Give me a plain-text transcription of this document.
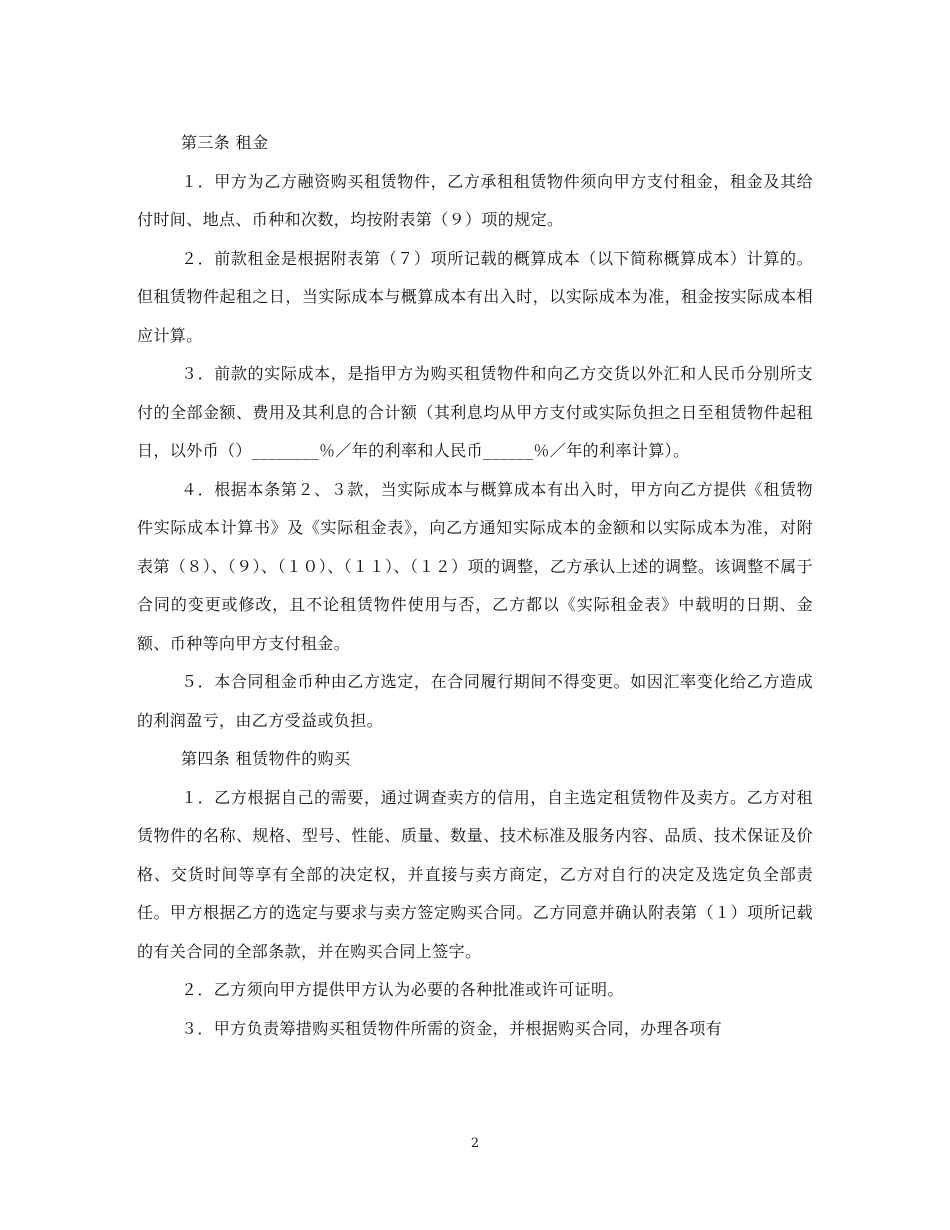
第三条 租金

１．甲方为乙方融资购买租赁物件，乙方承租租赁物件须向甲方支付租金，租金及其给付时间、地点、币种和次数，均按附表第（９）项的规定。

２．前款租金是根据附表第（７）项所记载的概算成本（以下简称概算成本）计算的。但租赁物件起租之日，当实际成本与概算成本有出入时，以实际成本为准，租金按实际成本相应计算。

３．前款的实际成本，是指甲方为购买租赁物件和向乙方交货以外汇和人民币分别所支付的全部金额、费用及其利息的合计额（其利息均从甲方支付或实际负担之日至租赁物件起租日，以外币（）________％／年的利率和人民币______％／年的利率计算）。

４．根据本条第２、３款，当实际成本与概算成本有出入时，甲方向乙方提供《租赁物件实际成本计算书》及《实际租金表》，向乙方通知实际成本的金额和以实际成本为准，对附表第（８）、（９）、（１０）、（１１）、（１２）项的调整，乙方承认上述的调整。该调整不属于合同的变更或修改，且不论租赁物件使用与否，乙方都以《实际租金表》中载明的日期、金额、币种等向甲方支付租金。

５．本合同租金币种由乙方选定，在合同履行期间不得变更。如因汇率变化给乙方造成的利润盈亏，由乙方受益或负担。

第四条 租赁物件的购买

１．乙方根据自己的需要，通过调查卖方的信用，自主选定租赁物件及卖方。乙方对租赁物件的名称、规格、型号、性能、质量、数量、技术标准及服务内容、品质、技术保证及价格、交货时间等享有全部的决定权，并直接与卖方商定，乙方对自行的决定及选定负全部责任。甲方根据乙方的选定与要求与卖方签定购买合同。乙方同意并确认附表第（１）项所记载的有关合同的全部条款，并在购买合同上签字。

２．乙方须向甲方提供甲方认为必要的各种批准或许可证明。

３．甲方负责筹措购买租赁物件所需的资金，并根据购买合同，办理各项有

2
